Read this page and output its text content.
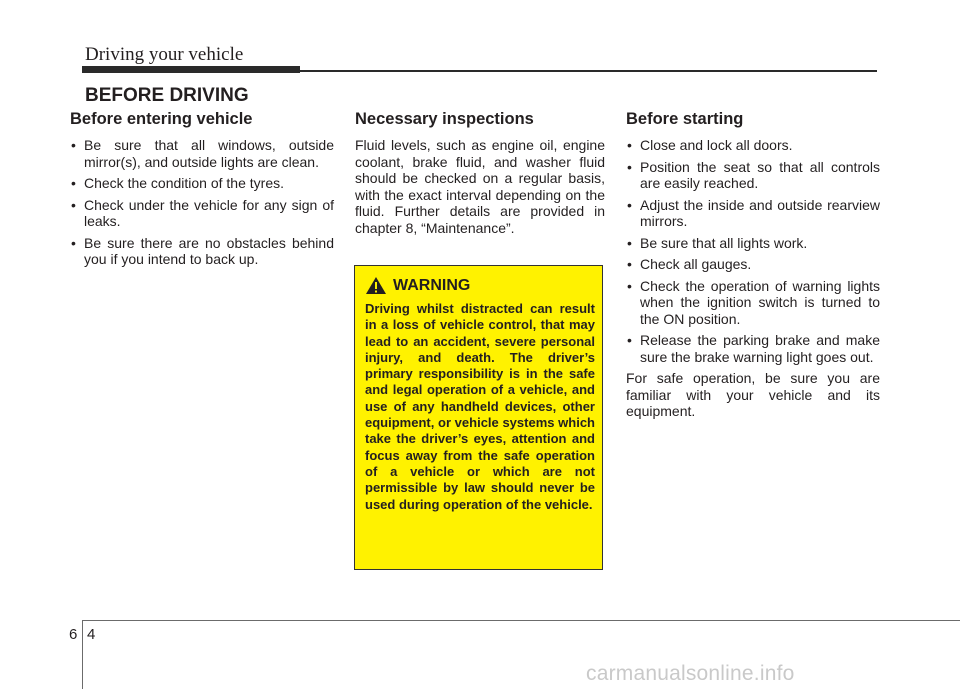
Driving your vehicle
BEFORE DRIVING
Before entering vehicle
• Be sure that all windows, outside mirror(s), and outside lights are clean.
• Check the condition of the tyres.
• Check under the vehicle for any sign of leaks.
• Be sure there are no obstacles behind you if you intend to back up.
Necessary inspections

Fluid levels, such as engine oil, engine coolant, brake fluid, and washer fluid should be checked on a regular basis, with the exact interval depending on the fluid. Further details are provided in chapter 8, “Maintenance”.

WARNING

Driving whilst distracted can result in a loss of vehicle control, that may lead to an accident, severe personal injury, and death. The driver’s primary responsibility is in the safe and legal operation of a vehicle, and use of any handheld devices, other equipment, or vehicle systems which take the driver’s eyes, attention and focus away from the safe operation of a vehicle or which are not permissible by law should never be used during operation of the vehicle.

Before starting
• Close and lock all doors.
• Position the seat so that all controls are easily reached.
• Adjust the inside and outside rearview mirrors.
• Be sure that all lights work.
• Check all gauges.
• Check the operation of warning lights when the ignition switch is turned to the ON position.
• Release the parking brake and make sure the brake warning light goes out.

For safe operation, be sure you are familiar with your vehicle and its equipment.

6 4
carmanualsonline.info
